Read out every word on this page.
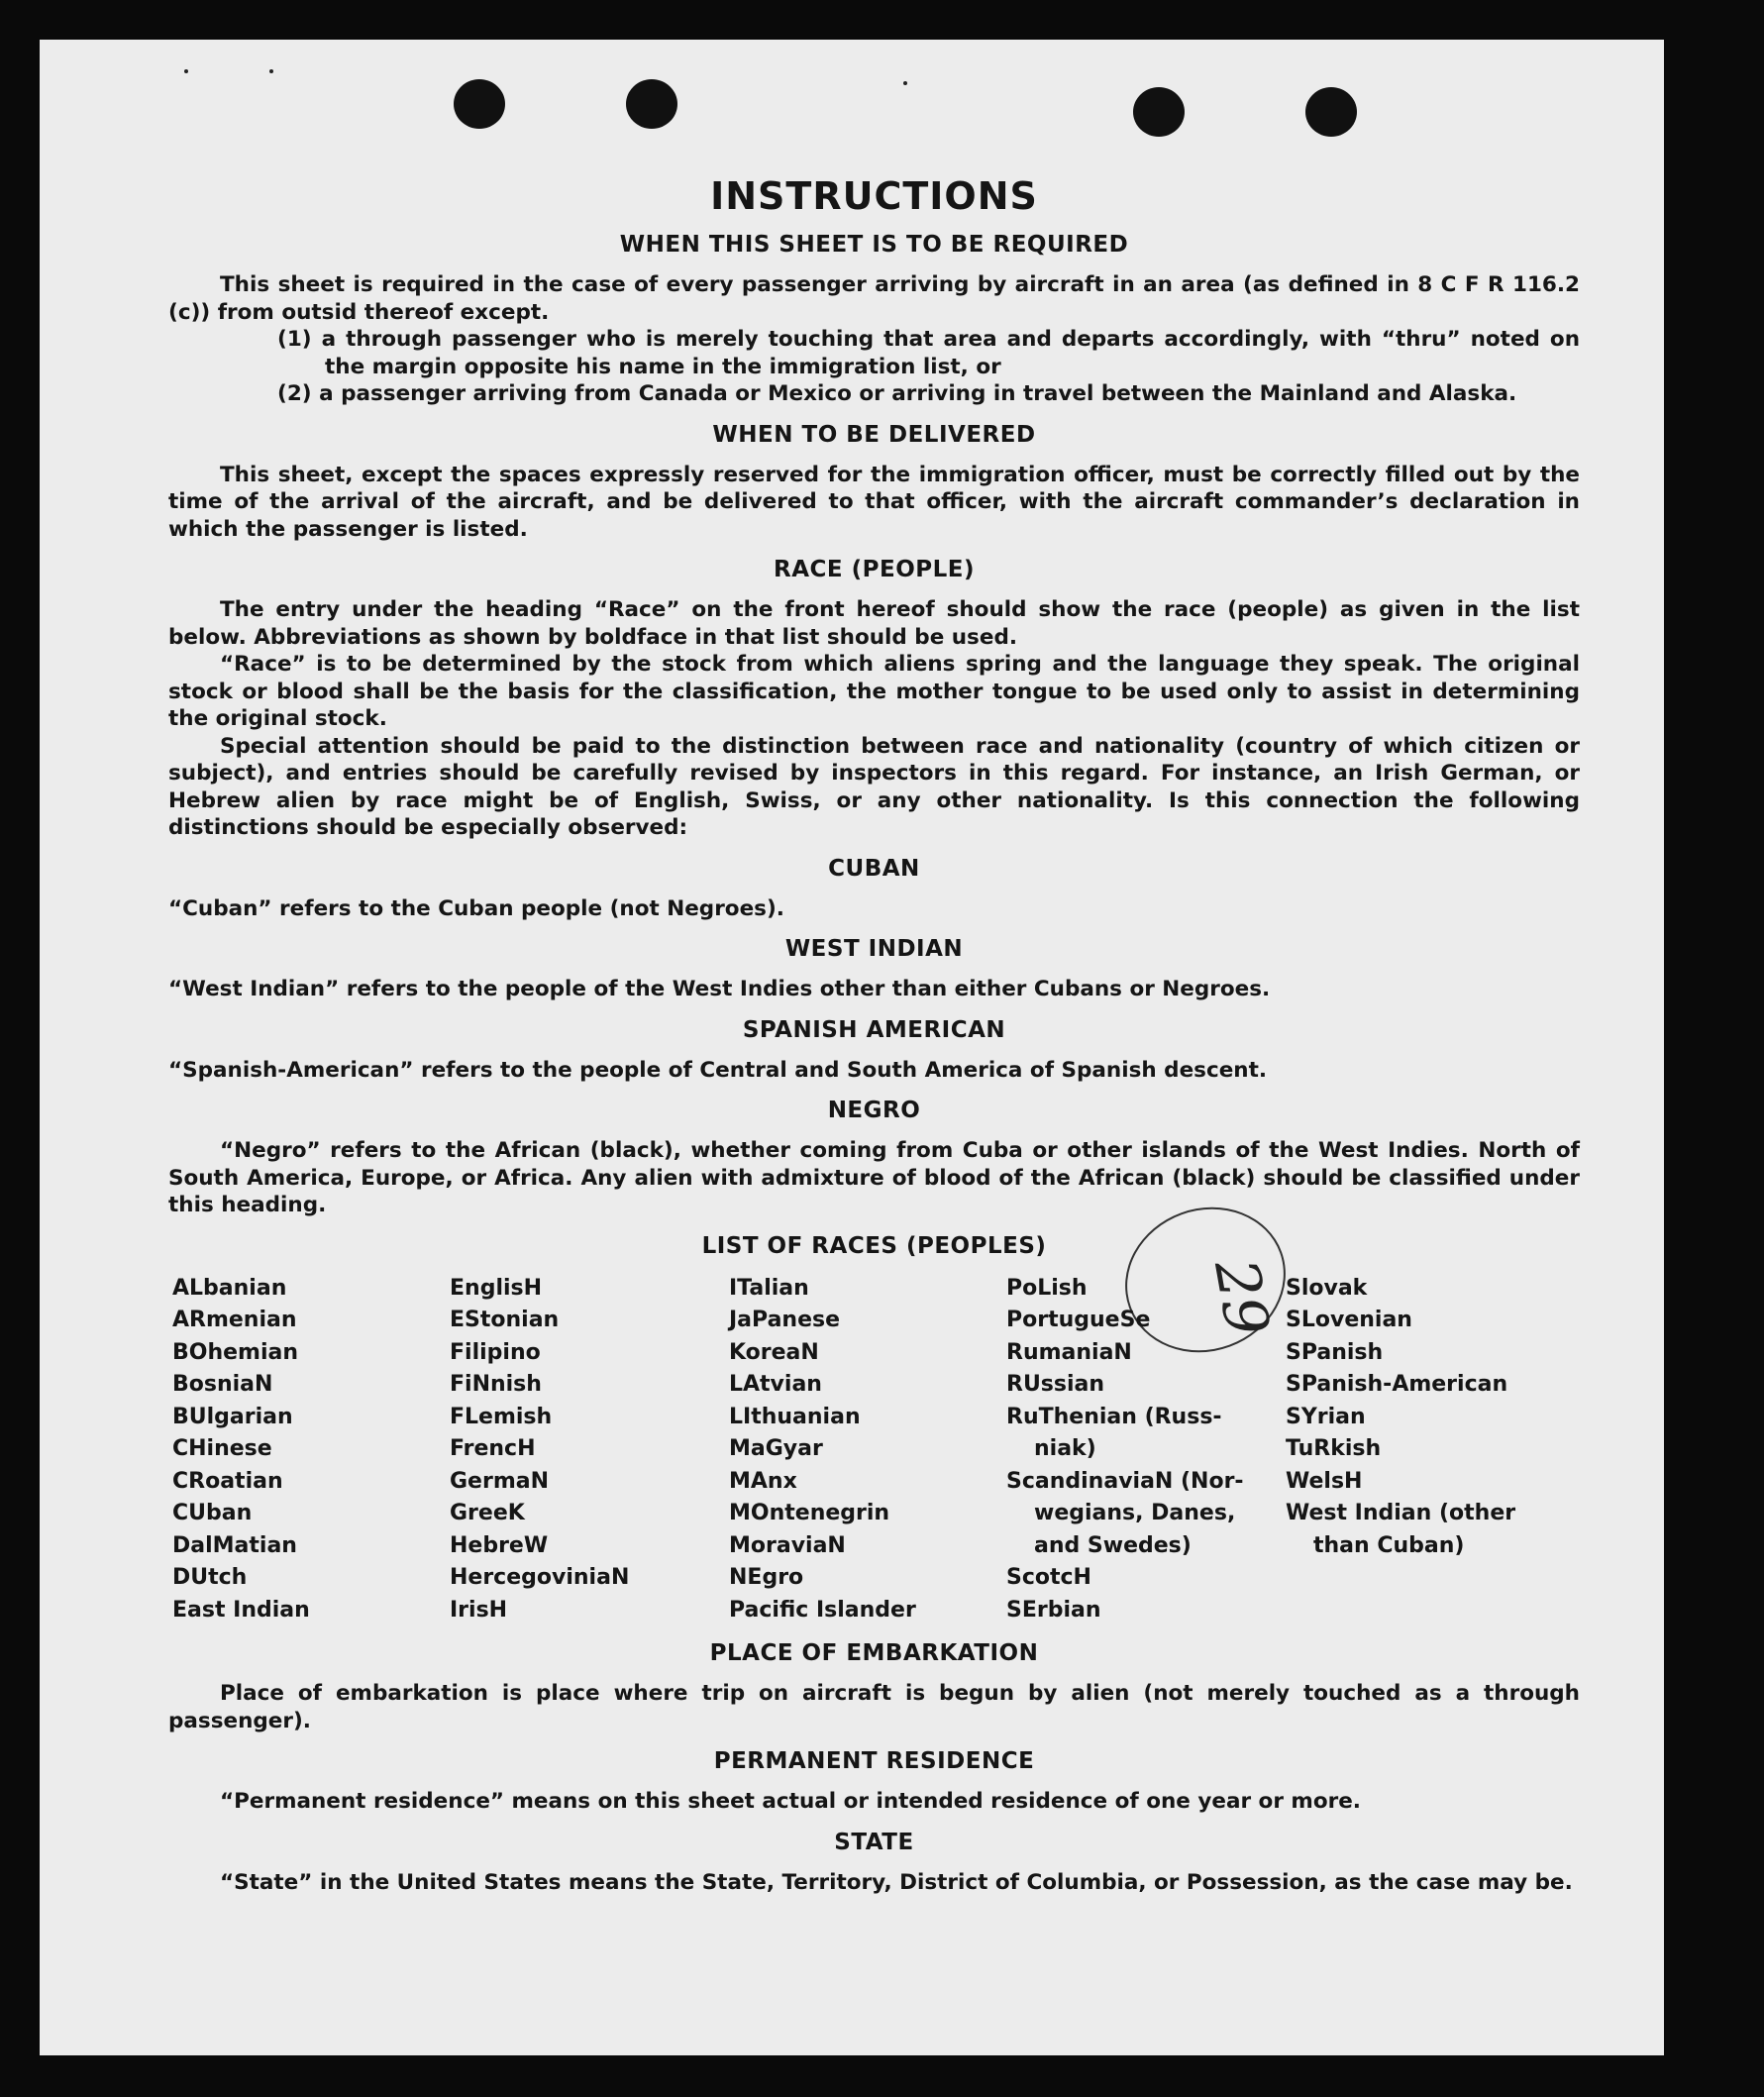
29
INSTRUCTIONS
WHEN THIS SHEET IS TO BE REQUIRED

This sheet is required in the case of every passenger arriving by aircraft in an area (as defined in 8 C F R 116.2 (c)) from outsid thereof except.

(1) a through passenger who is merely touching that area and departs accordingly, with “thru” noted on the margin opposite his name in the immigration list, or
(2) a passenger arriving from Canada or Mexico or arriving in travel between the Mainland and Alaska.
WHEN TO BE DELIVERED

This sheet, except the spaces expressly reserved for the immigration officer, must be correctly filled out by the time of the arrival of the aircraft, and be delivered to that officer, with the aircraft commander’s declaration in which the passenger is listed.

RACE (PEOPLE)

The entry under the heading “Race” on the front hereof should show the race (people) as given in the list below. Abbreviations as shown by boldface in that list should be used.

“Race” is to be determined by the stock from which aliens spring and the language they speak. The original stock or blood shall be the basis for the classification, the mother tongue to be used only to assist in determining the original stock.

Special attention should be paid to the distinction between race and nationality (country of which citizen or subject), and entries should be carefully revised by inspectors in this regard. For instance, an Irish German, or Hebrew alien by race might be of English, Swiss, or any other nationality. Is this connection the following distinctions should be especially observed:

CUBAN

“Cuban” refers to the Cuban people (not Negroes).

WEST INDIAN

“West Indian” refers to the people of the West Indies other than either Cubans or Negroes.

SPANISH AMERICAN

“Spanish-American” refers to the people of Central and South America of Spanish descent.

NEGRO

“Negro” refers to the African (black), whether coming from Cuba or other islands of the West Indies. North of South America, Europe, or Africa. Any alien with admixture of blood of the African (black) should be classified under this heading.

LIST OF RACES (PEOPLES)
ALbanian
ARmenian
BOhemian
BosniaN
BUlgarian
CHinese
CRoatian
CUban
DalMatian
DUtch
East Indian
EnglisH
EStonian
Filipino
FiNnish
FLemish
FrencH
GermaN
GreeK
HebreW
HercegoviniaN
IrisH
ITalian
JaPanese
KoreaN
LAtvian
LIthuanian
MaGyar
MAnx
MOntenegrin
MoraviaN
NEgro
Pacific Islander
PoLish
PortugueSe
RumaniaN
RUssian
RuThenian (Russ-
niak)
ScandinaviaN (Nor-
wegians, Danes,
and Swedes)
ScotcH
SErbian
Slovak
SLovenian
SPanish
SPanish-American
SYrian
TuRkish
WelsH
West Indian (other
than Cuban)
PLACE OF EMBARKATION

Place of embarkation is place where trip on aircraft is begun by alien (not merely touched as a through passenger).

PERMANENT RESIDENCE

“Permanent residence” means on this sheet actual or intended residence of one year or more.

STATE

“State” in the United States means the State, Territory, District of Columbia, or Possession, as the case may be.
